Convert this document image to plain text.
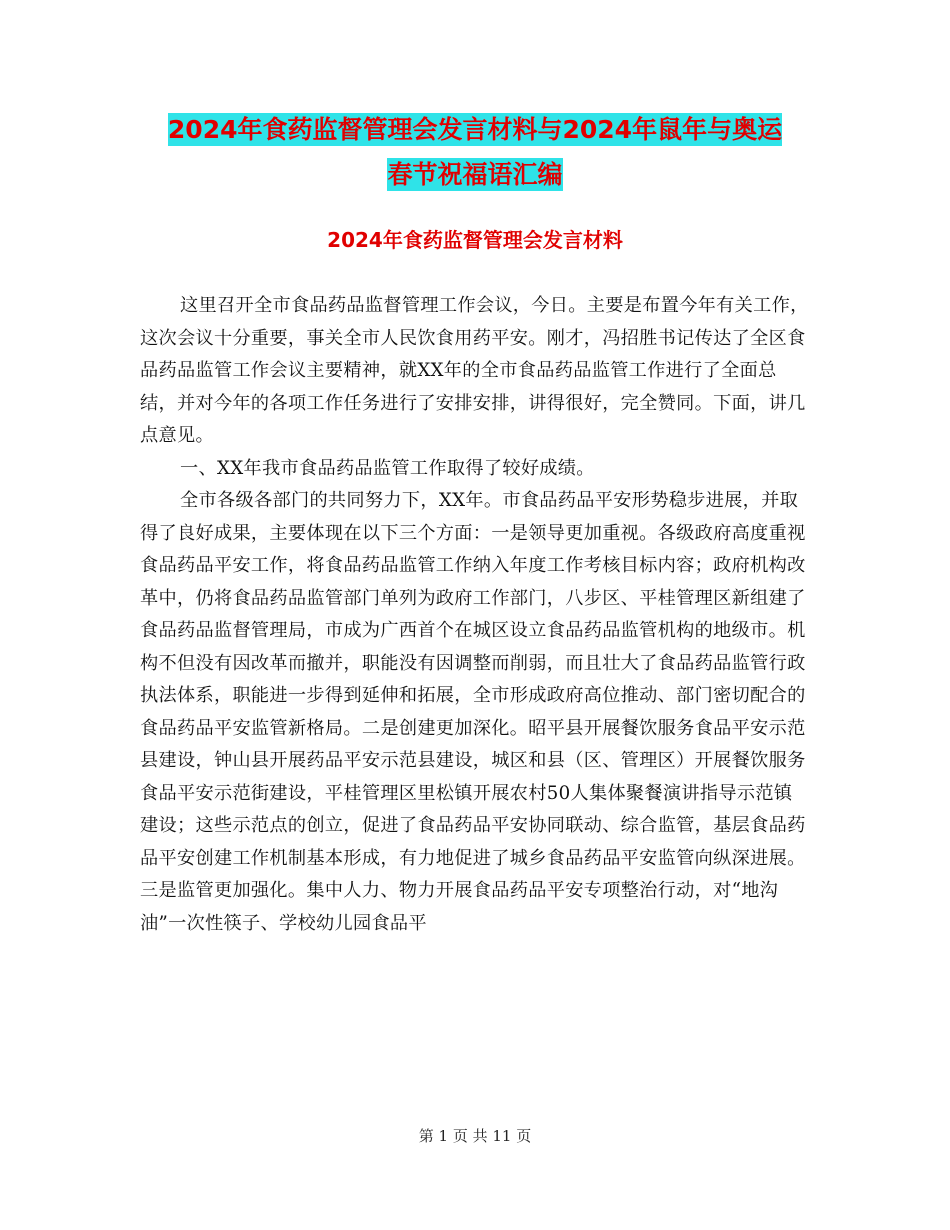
2024年食药监督管理会发言材料与2024年鼠年与奥运
春节祝福语汇编
2024年食药监督管理会发言材料

这里召开全市食品药品监督管理工作会议，今日。主要是布置今年有关工作，这次会议十分重要，事关全市人民饮食用药平安。刚才，冯招胜书记传达了全区食品药品监管工作会议主要精神，就XX年的全市食品药品监管工作进行了全面总结，并对今年的各项工作任务进行了安排安排，讲得很好，完全赞同。下面，讲几点意见。

一、XX年我市食品药品监管工作取得了较好成绩。

全市各级各部门的共同努力下，XX年。市食品药品平安形势稳步进展，并取得了良好成果，主要体现在以下三个方面：一是领导更加重视。各级政府高度重视食品药品平安工作，将食品药品监管工作纳入年度工作考核目标内容；政府机构改革中，仍将食品药品监管部门单列为政府工作部门，八步区、平桂管理区新组建了食品药品监督管理局，市成为广西首个在城区设立食品药品监管机构的地级市。机构不但没有因改革而撤并，职能没有因调整而削弱，而且壮大了食品药品监管行政执法体系，职能进一步得到延伸和拓展，全市形成政府高位推动、部门密切配合的食品药品平安监管新格局。二是创建更加深化。昭平县开展餐饮服务食品平安示范县建设，钟山县开展药品平安示范县建设，城区和县（区、管理区）开展餐饮服务食品平安示范街建设，平桂管理区里松镇开展农村50人集体聚餐演讲指导示范镇建设；这些示范点的创立，促进了食品药品平安协同联动、综合监管，基层食品药品平安创建工作机制基本形成，有力地促进了城乡食品药品平安监管向纵深进展。三是监管更加强化。集中人力、物力开展食品药品平安专项整治行动，对“地沟油”一次性筷子、学校幼儿园食品平

第 1 页 共 11 页
